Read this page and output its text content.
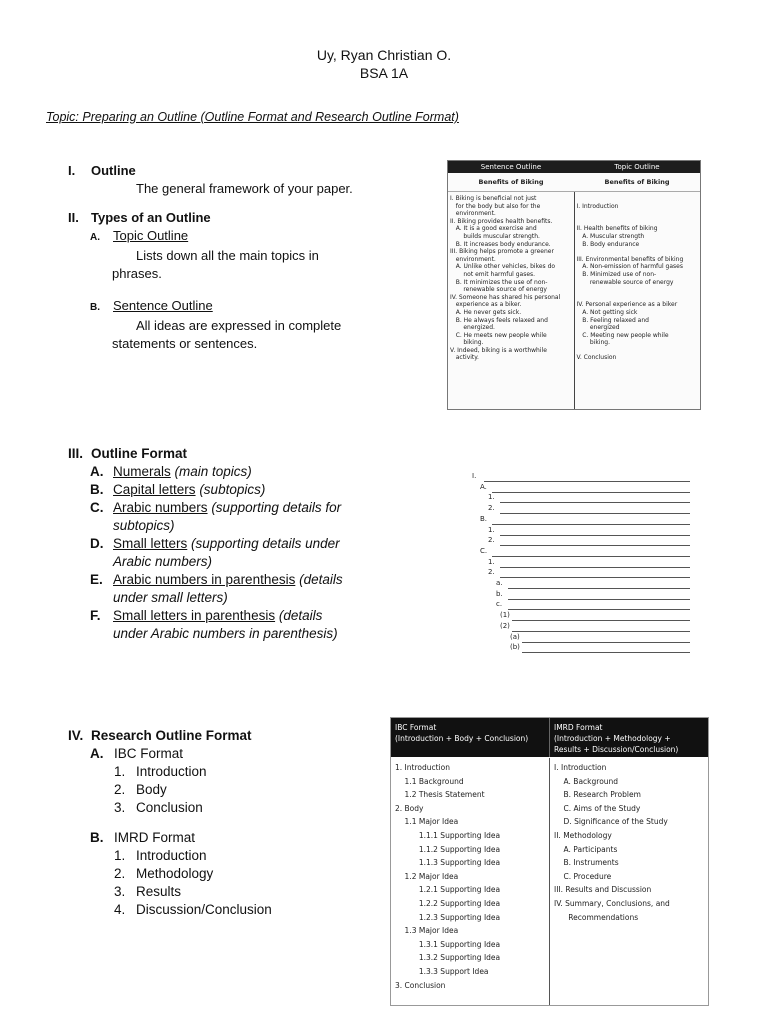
Uy, Ryan Christian O.
BSA 1A
Topic: Preparing an Outline (Outline Format and Research Outline Format)
I. Outline
The general framework of your paper.
II. Types of an Outline
A. Topic Outline
Lists down all the main topics in
phrases.
B. Sentence Outline
All ideas are expressed in complete
statements or sentences.
III. Outline Format
A. Numerals (main topics)
B. Capital letters (subtopics)
C. Arabic numbers (supporting details for
subtopics)
D. Small letters (supporting details under
Arabic numbers)
E. Arabic numbers in parenthesis (details
under small letters)
F. Small letters in parenthesis (details
under Arabic numbers in parenthesis)
IV. Research Outline Format
A. IBC Format
1. Introduction
2. Body
3. Conclusion
B. IMRD Format
1. Introduction
2. Methodology
3. Results
4. Discussion/Conclusion
Sentence Outline	Topic Outline
Benefits of Biking	Benefits of Biking
I. Biking is beneficial not just
for the body but also for the
environment.
II. Biking provides health benefits.
A. It is a good exercise and
builds muscular strength.
B. It increases body endurance.
III. Biking helps promote a greener
environment.
A. Unlike other vehicles, bikes do
not emit harmful gases.
B. It minimizes the use of non-
renewable source of energy
IV. Someone has shared his personal
experience as a biker.
A. He never gets sick.
B. He always feels relaxed and
energized.
C. He meets new people while
biking.
V. Indeed, biking is a worthwhile
activity.

I. Introduction

II. Health benefits of biking
A. Muscular strength
B. Body endurance

III. Environmental benefits of biking
A. Non-emission of harmful gases
B. Minimized use of non-
renewable source of energy

IV. Personal experience as a biker
A. Not getting sick
B. Feeling relaxed and
energized
C. Meeting new people while
biking.

V. Conclusion
I.
A.
1.
2.
B.
1.
2.
C.
1.
2.
a.
b.
c.
(1)
(2)
(a)
(b)
IBC Format
(Introduction + Body + Conclusion)
IMRD Format
(Introduction + Methodology +
Results + Discussion/Conclusion)
1. Introduction
1.1 Background
1.2 Thesis Statement
2. Body
1.1 Major Idea
1.1.1 Supporting Idea
1.1.2 Supporting Idea
1.1.3 Supporting Idea
1.2 Major Idea
1.2.1 Supporting Idea
1.2.2 Supporting Idea
1.2.3 Supporting Idea
1.3 Major Idea
1.3.1 Supporting Idea
1.3.2 Supporting Idea
1.3.3 Support Idea
3. Conclusion
I. Introduction
A. Background
B. Research Problem
C. Aims of the Study
D. Significance of the Study
II. Methodology
A. Participants
B. Instruments
C. Procedure
III. Results and Discussion
IV. Summary, Conclusions, and
Recommendations
